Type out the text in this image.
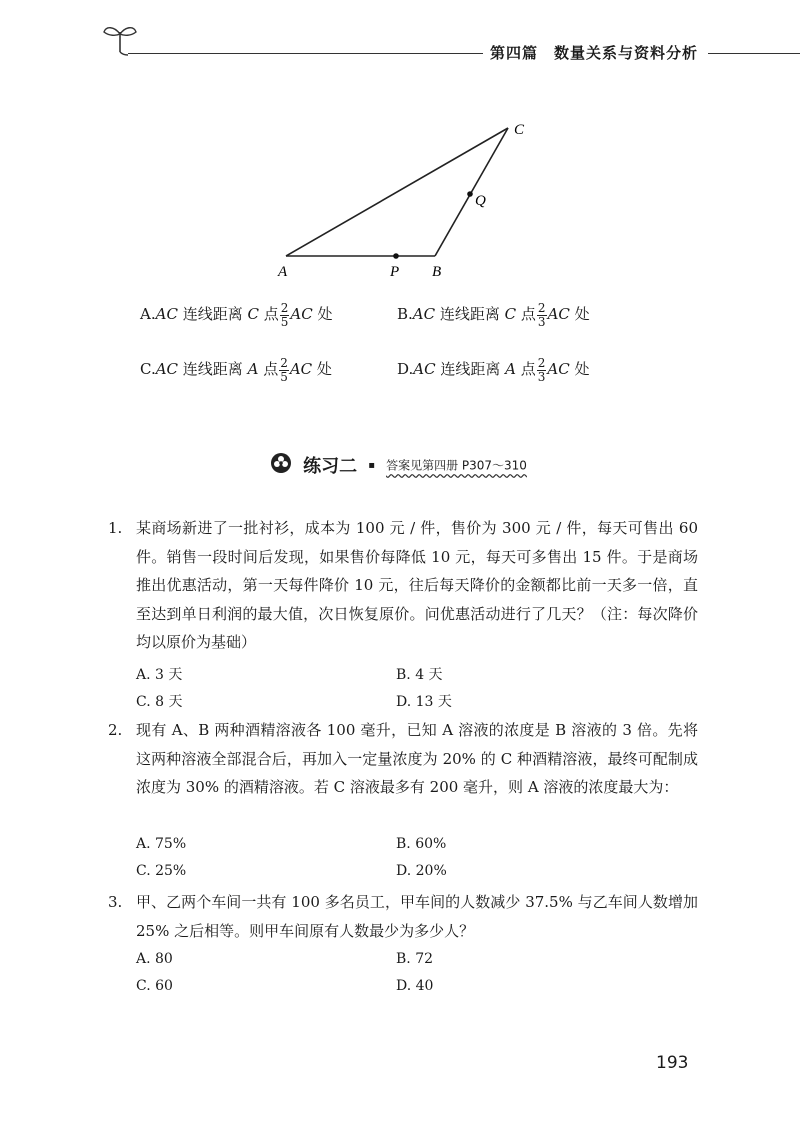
第四篇 数量关系与资料分析
A	B
P
C
Q
A.AC 连线距离 C 点 $\frac{2}{5}$ AC 处	B.AC 连线距离 C 点 $\frac{2}{3}$ AC 处
C.AC 连线距离 A 点 $\frac{2}{5}$ AC 处	D.AC 连线距离 A 点 $\frac{2}{3}$ AC 处
练习二 ▪ 答案见第四册 P307～310
1. 某商场新进了一批衬衫，成本为 100 元 / 件，售价为 300 元 / 件，每天可售出 60 件。销售一段时间后发现，如果售价每降低 10 元，每天可多售出 15 件。于是商场推出优惠活动，第一天每件降价 10 元，往后每天降价的金额都比前一天多一倍，直至达到单日利润的最大值，次日恢复原价。问优惠活动进行了几天？（注：每次降价均以原价为基础）
A. 3 天	B. 4 天
C. 8 天	D. 13 天
2. 现有 A、B 两种酒精溶液各 100 毫升，已知 A 溶液的浓度是 B 溶液的 3 倍。先将这两种溶液全部混合后，再加入一定量浓度为 20% 的 C 种酒精溶液，最终可配制成浓度为 30% 的酒精溶液。若 C 溶液最多有 200 毫升，则 A 溶液的浓度最大为：
A. 75%	B. 60%
C. 25%	D. 20%
3. 甲、乙两个车间一共有 100 多名员工，甲车间的人数减少 37.5% 与乙车间人数增加 25% 之后相等。则甲车间原有人数最少为多少人？
A. 80	B. 72
C. 60	D. 40
193
